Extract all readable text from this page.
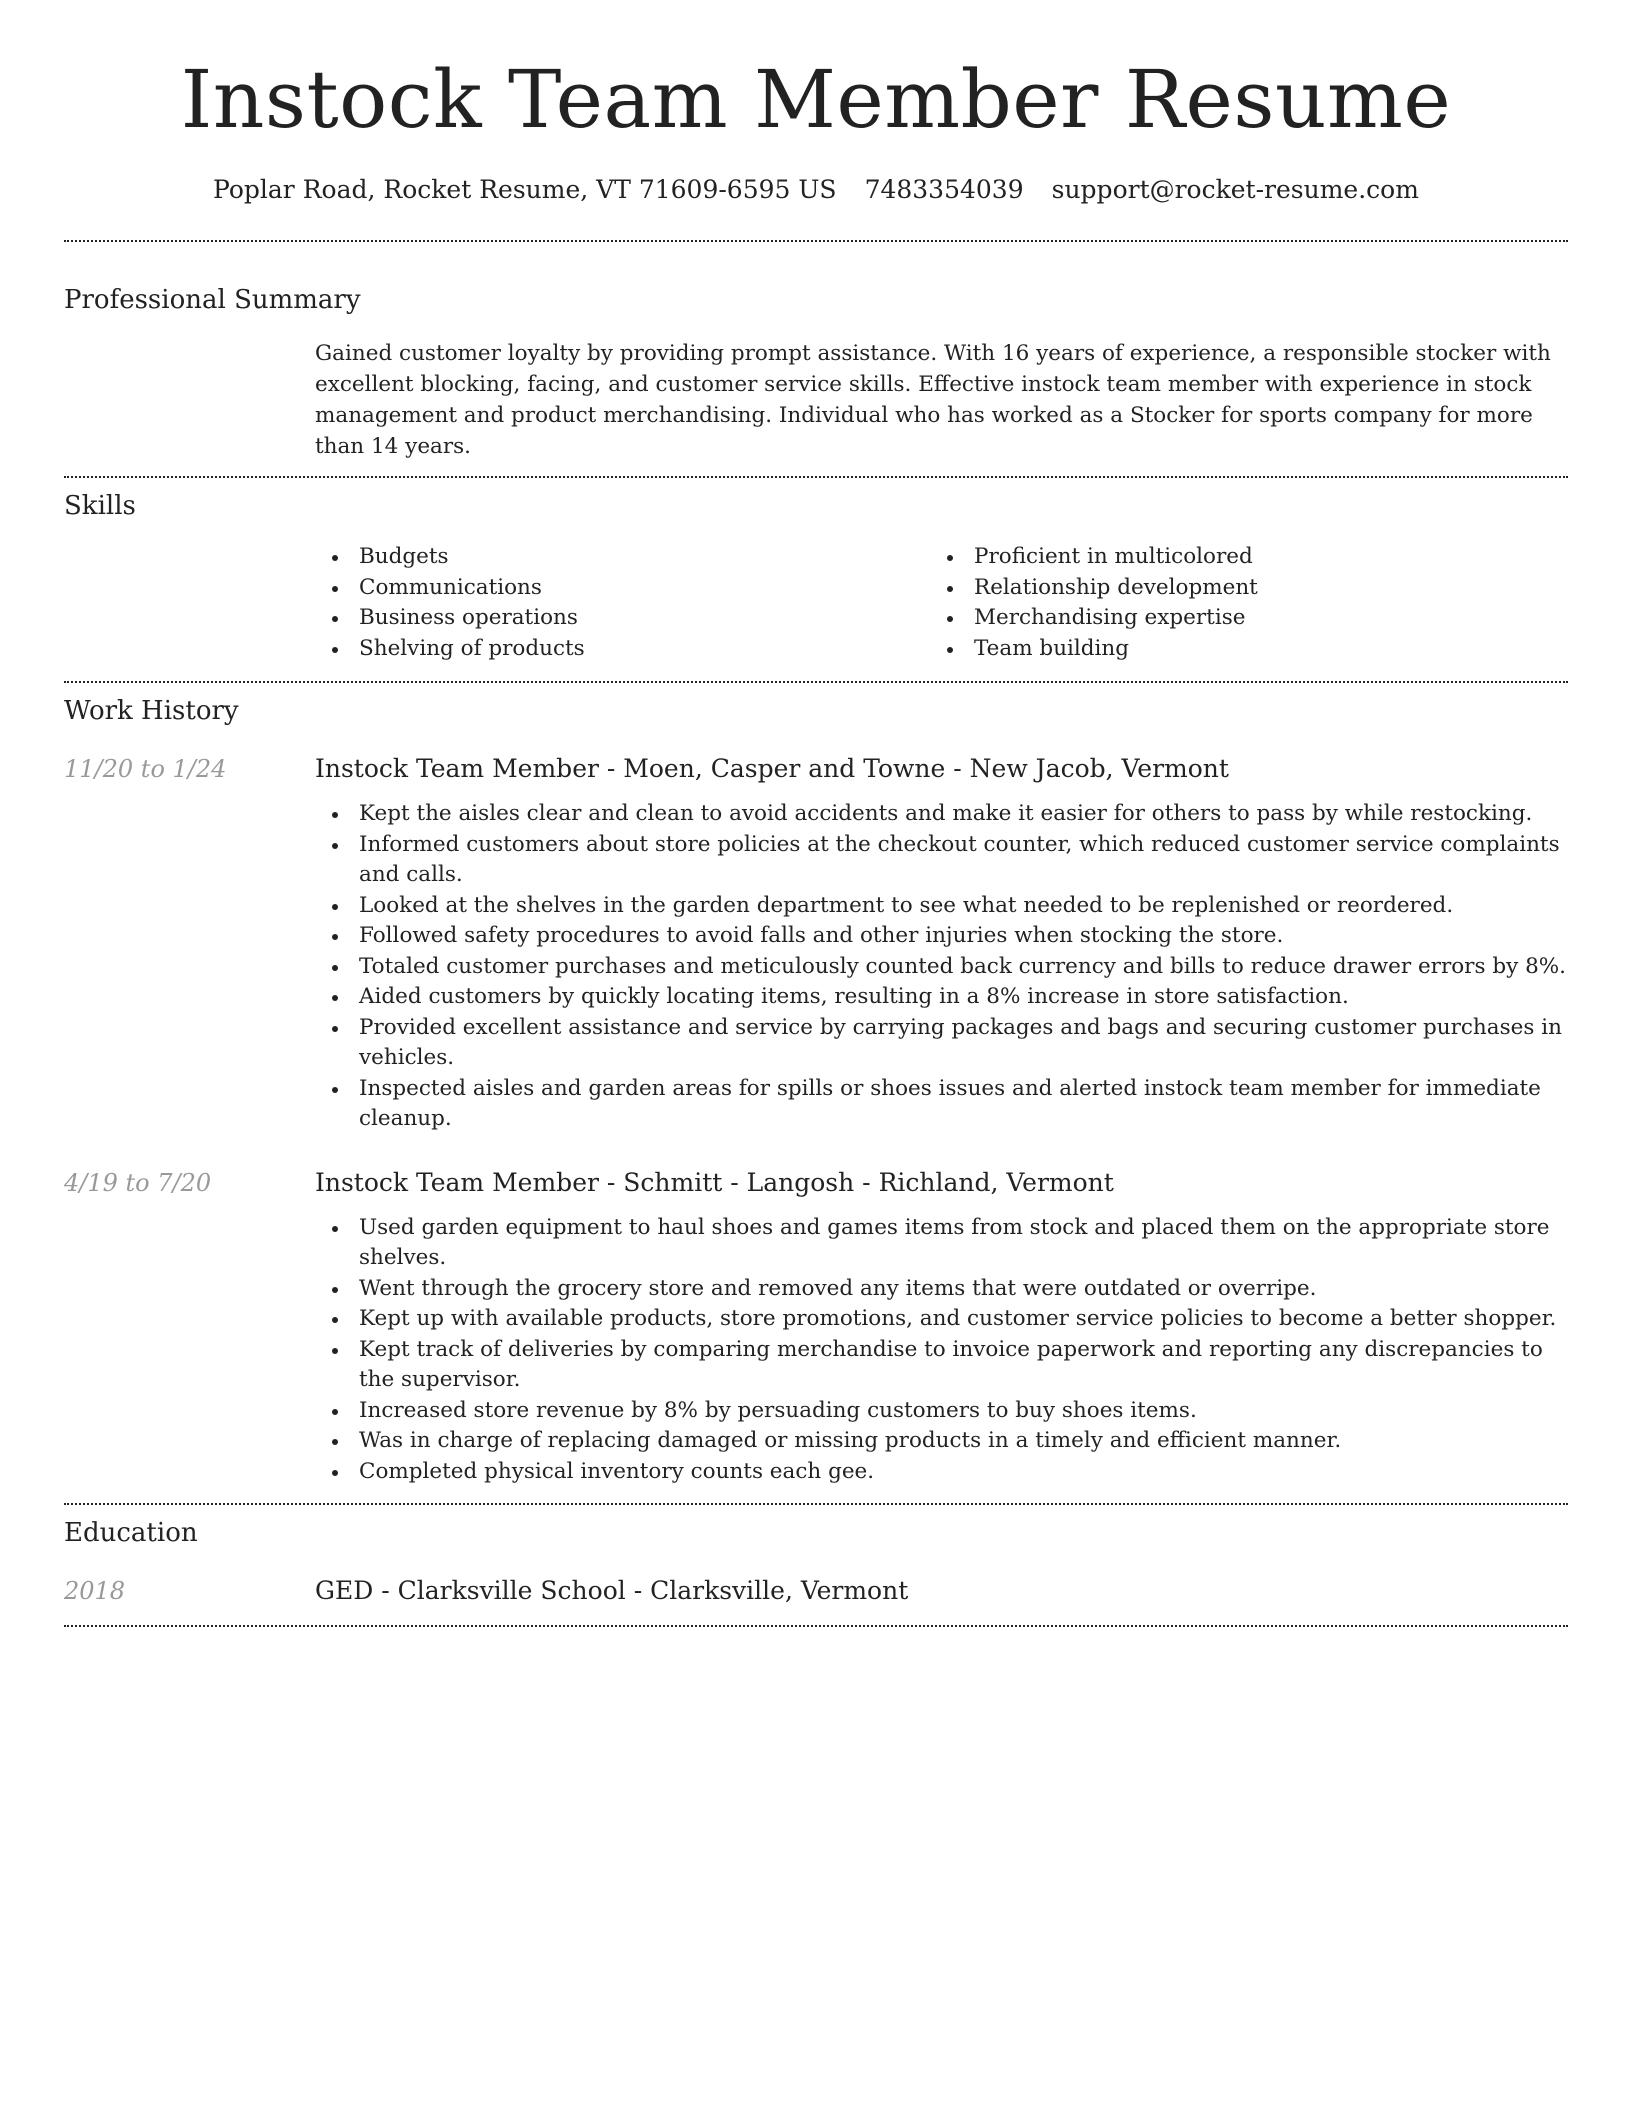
Instock Team Member Resume
Poplar Road, Rocket Resume, VT 71609-6595 US 7483354039 support@rocket-resume.com
Professional Summary

Gained customer loyalty by providing prompt assistance. With 16 years of experience, a responsible stocker with excellent blocking, facing, and customer service skills. Effective instock team member with experience in stock management and product merchandising. Individual who has worked as a Stocker for sports company for more than 14 years.

Skills
Budgets
Communications
Business operations
Shelving of products
Proficient in multicolored
Relationship development
Merchandising expertise
Team building
Work History
11/20 to 1/24	Instock Team Member - Moen, Casper and Towne - New Jacob, Vermont
Kept the aisles clear and clean to avoid accidents and make it easier for others to pass by while restocking.
Informed customers about store policies at the checkout counter, which reduced customer service complaints and calls.
Looked at the shelves in the garden department to see what needed to be replenished or reordered.
Followed safety procedures to avoid falls and other injuries when stocking the store.
Totaled customer purchases and meticulously counted back currency and bills to reduce drawer errors by 8%.
Aided customers by quickly locating items, resulting in a 8% increase in store satisfaction.
Provided excellent assistance and service by carrying packages and bags and securing customer purchases in vehicles.
Inspected aisles and garden areas for spills or shoes issues and alerted instock team member for immediate cleanup.
4/19 to 7/20	Instock Team Member - Schmitt - Langosh - Richland, Vermont
Used garden equipment to haul shoes and games items from stock and placed them on the appropriate store shelves.
Went through the grocery store and removed any items that were outdated or overripe.
Kept up with available products, store promotions, and customer service policies to become a better shopper.
Kept track of deliveries by comparing merchandise to invoice paperwork and reporting any discrepancies to the supervisor.
Increased store revenue by 8% by persuading customers to buy shoes items.
Was in charge of replacing damaged or missing products in a timely and efficient manner.
Completed physical inventory counts each gee.
Education
2018	GED - Clarksville School - Clarksville, Vermont
